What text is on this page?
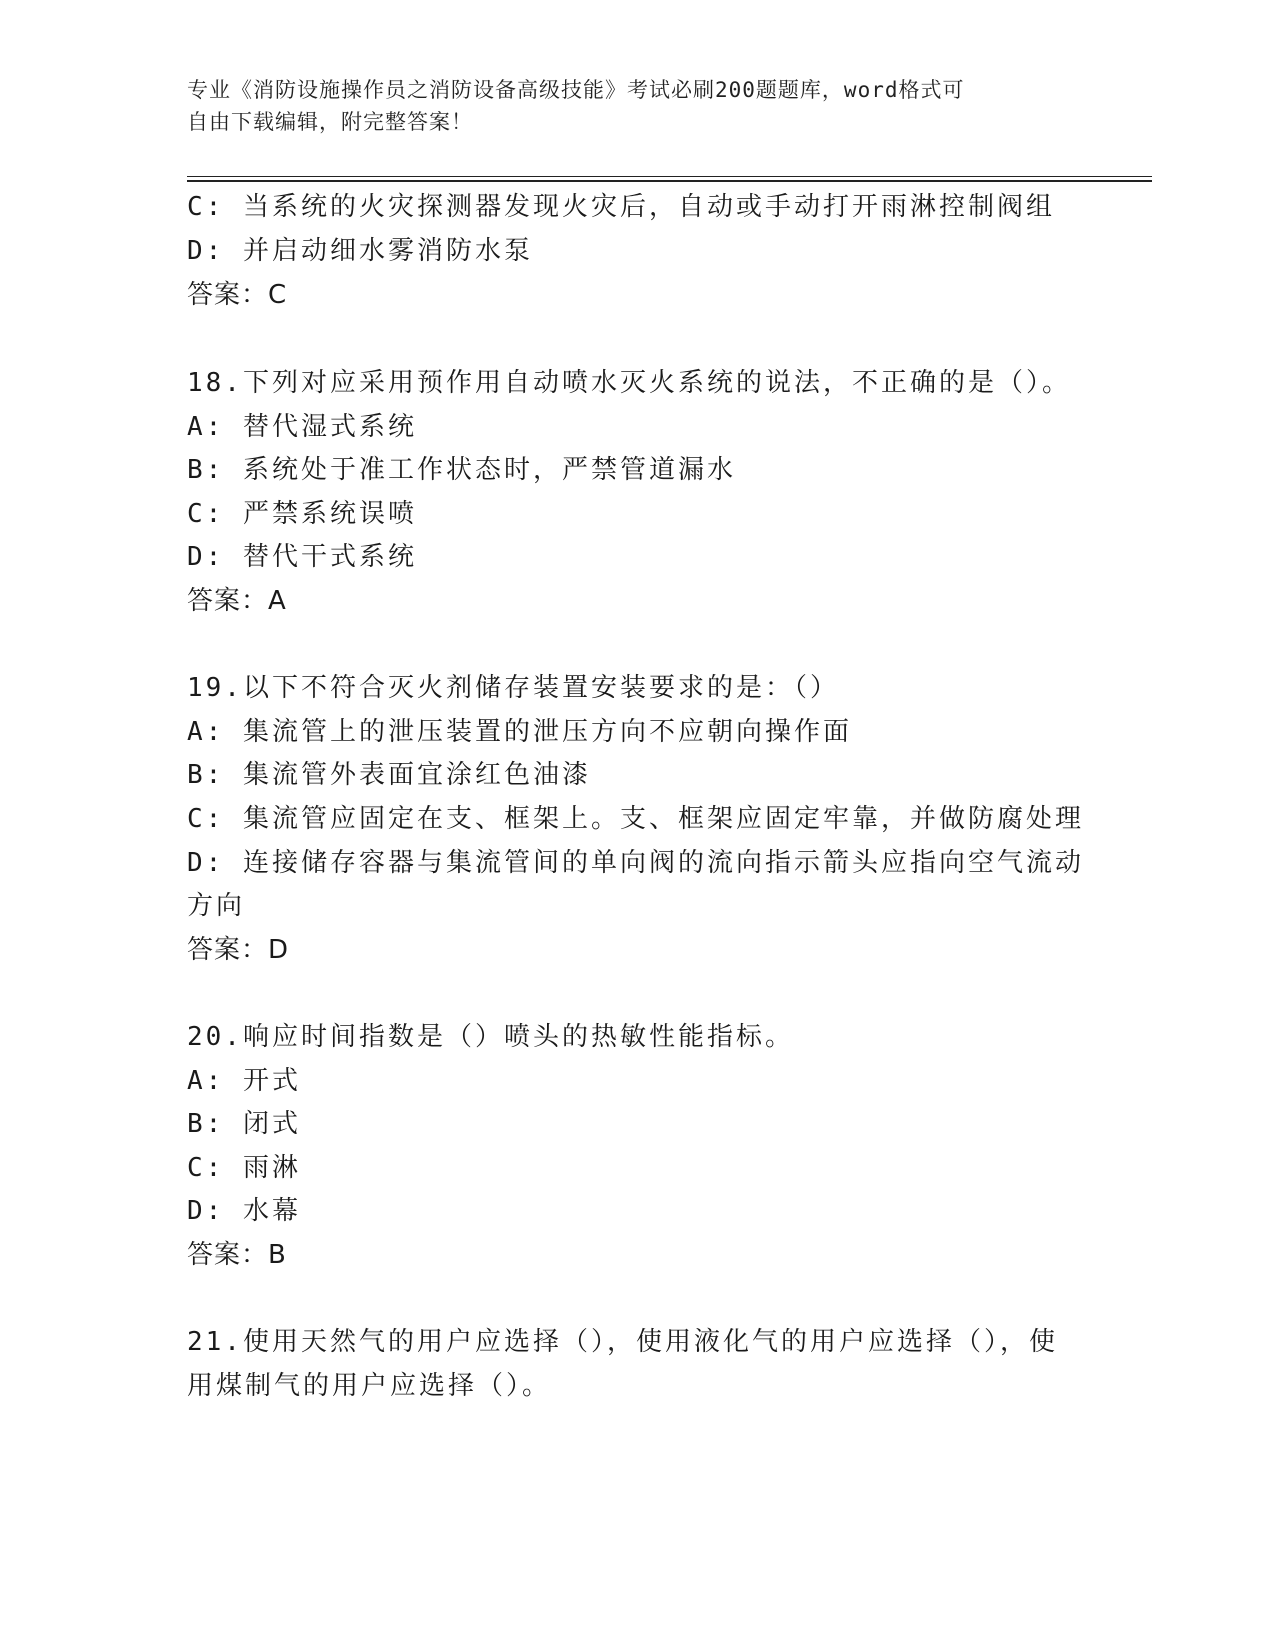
专业《消防设施操作员之消防设备高级技能》考试必刷200题题库，word格式可
自由下载编辑，附完整答案！
C: 当系统的火灾探测器发现火灾后，自动或手动打开雨淋控制阀组
D: 并启动细水雾消防水泵
答案：C
18.下列对应采用预作用自动喷水灭火系统的说法，不正确的是（）。
A: 替代湿式系统
B: 系统处于准工作状态时，严禁管道漏水
C: 严禁系统误喷
D: 替代干式系统
答案：A
19.以下不符合灭火剂储存装置安装要求的是：（）
A: 集流管上的泄压装置的泄压方向不应朝向操作面
B: 集流管外表面宜涂红色油漆
C: 集流管应固定在支、框架上。支、框架应固定牢靠，并做防腐处理
D: 连接储存容器与集流管间的单向阀的流向指示箭头应指向空气流动
方向
答案：D
20.响应时间指数是（）喷头的热敏性能指标。
A: 开式
B: 闭式
C: 雨淋
D: 水幕
答案：B
21.使用天然气的用户应选择（），使用液化气的用户应选择（），使
用煤制气的用户应选择（）。
